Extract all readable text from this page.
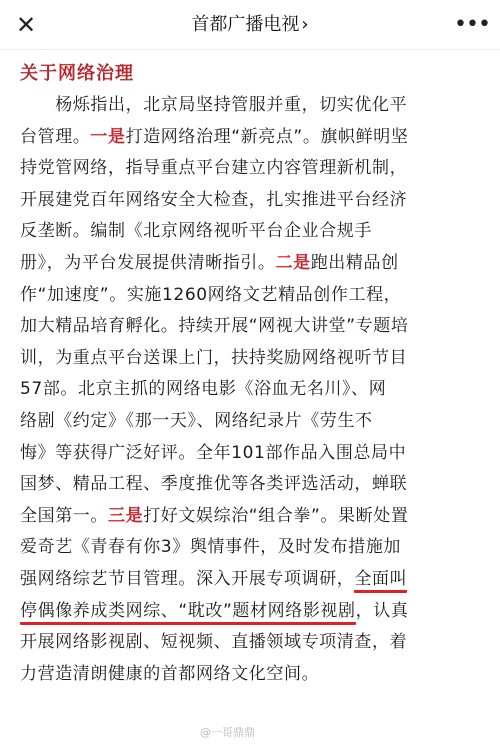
✕	首都广播电视 ›	•••
关于网络治理
　　杨烁指出，北京局坚持管服并重，切实优化平
台管理。一是打造网络治理“新亮点”。旗帜鲜明坚
持党管网络，指导重点平台建立内容管理新机制，
开展建党百年网络安全大检查，扎实推进平台经济
反垄断。编制《北京网络视听平台企业合规手
册》，为平台发展提供清晰指引。二是跑出精品创
作“加速度”。实施1260网络文艺精品创作工程，
加大精品培育孵化。持续开展“网视大讲堂”专题培
训，为重点平台送课上门，扶持奖励网络视听节目
57部。北京主抓的网络电影《浴血无名川》、网
络剧《约定》《那一天》、网络纪录片《劳生不
悔》等获得广泛好评。全年101部作品入围总局中
国梦、精品工程、季度推优等各类评选活动，蝉联
全国第一。三是打好文娱综治“组合拳”。果断处置
爱奇艺《青春有你3》舆情事件，及时发布措施加
强网络综艺节目管理。深入开展专项调研，全面叫
停偶像养成类网综、“耽改”题材网络影视剧，认真
开展网络影视剧、短视频、直播领域专项清查，着
力营造清朗健康的首都网络文化空间。
@一哥鼎鼎
